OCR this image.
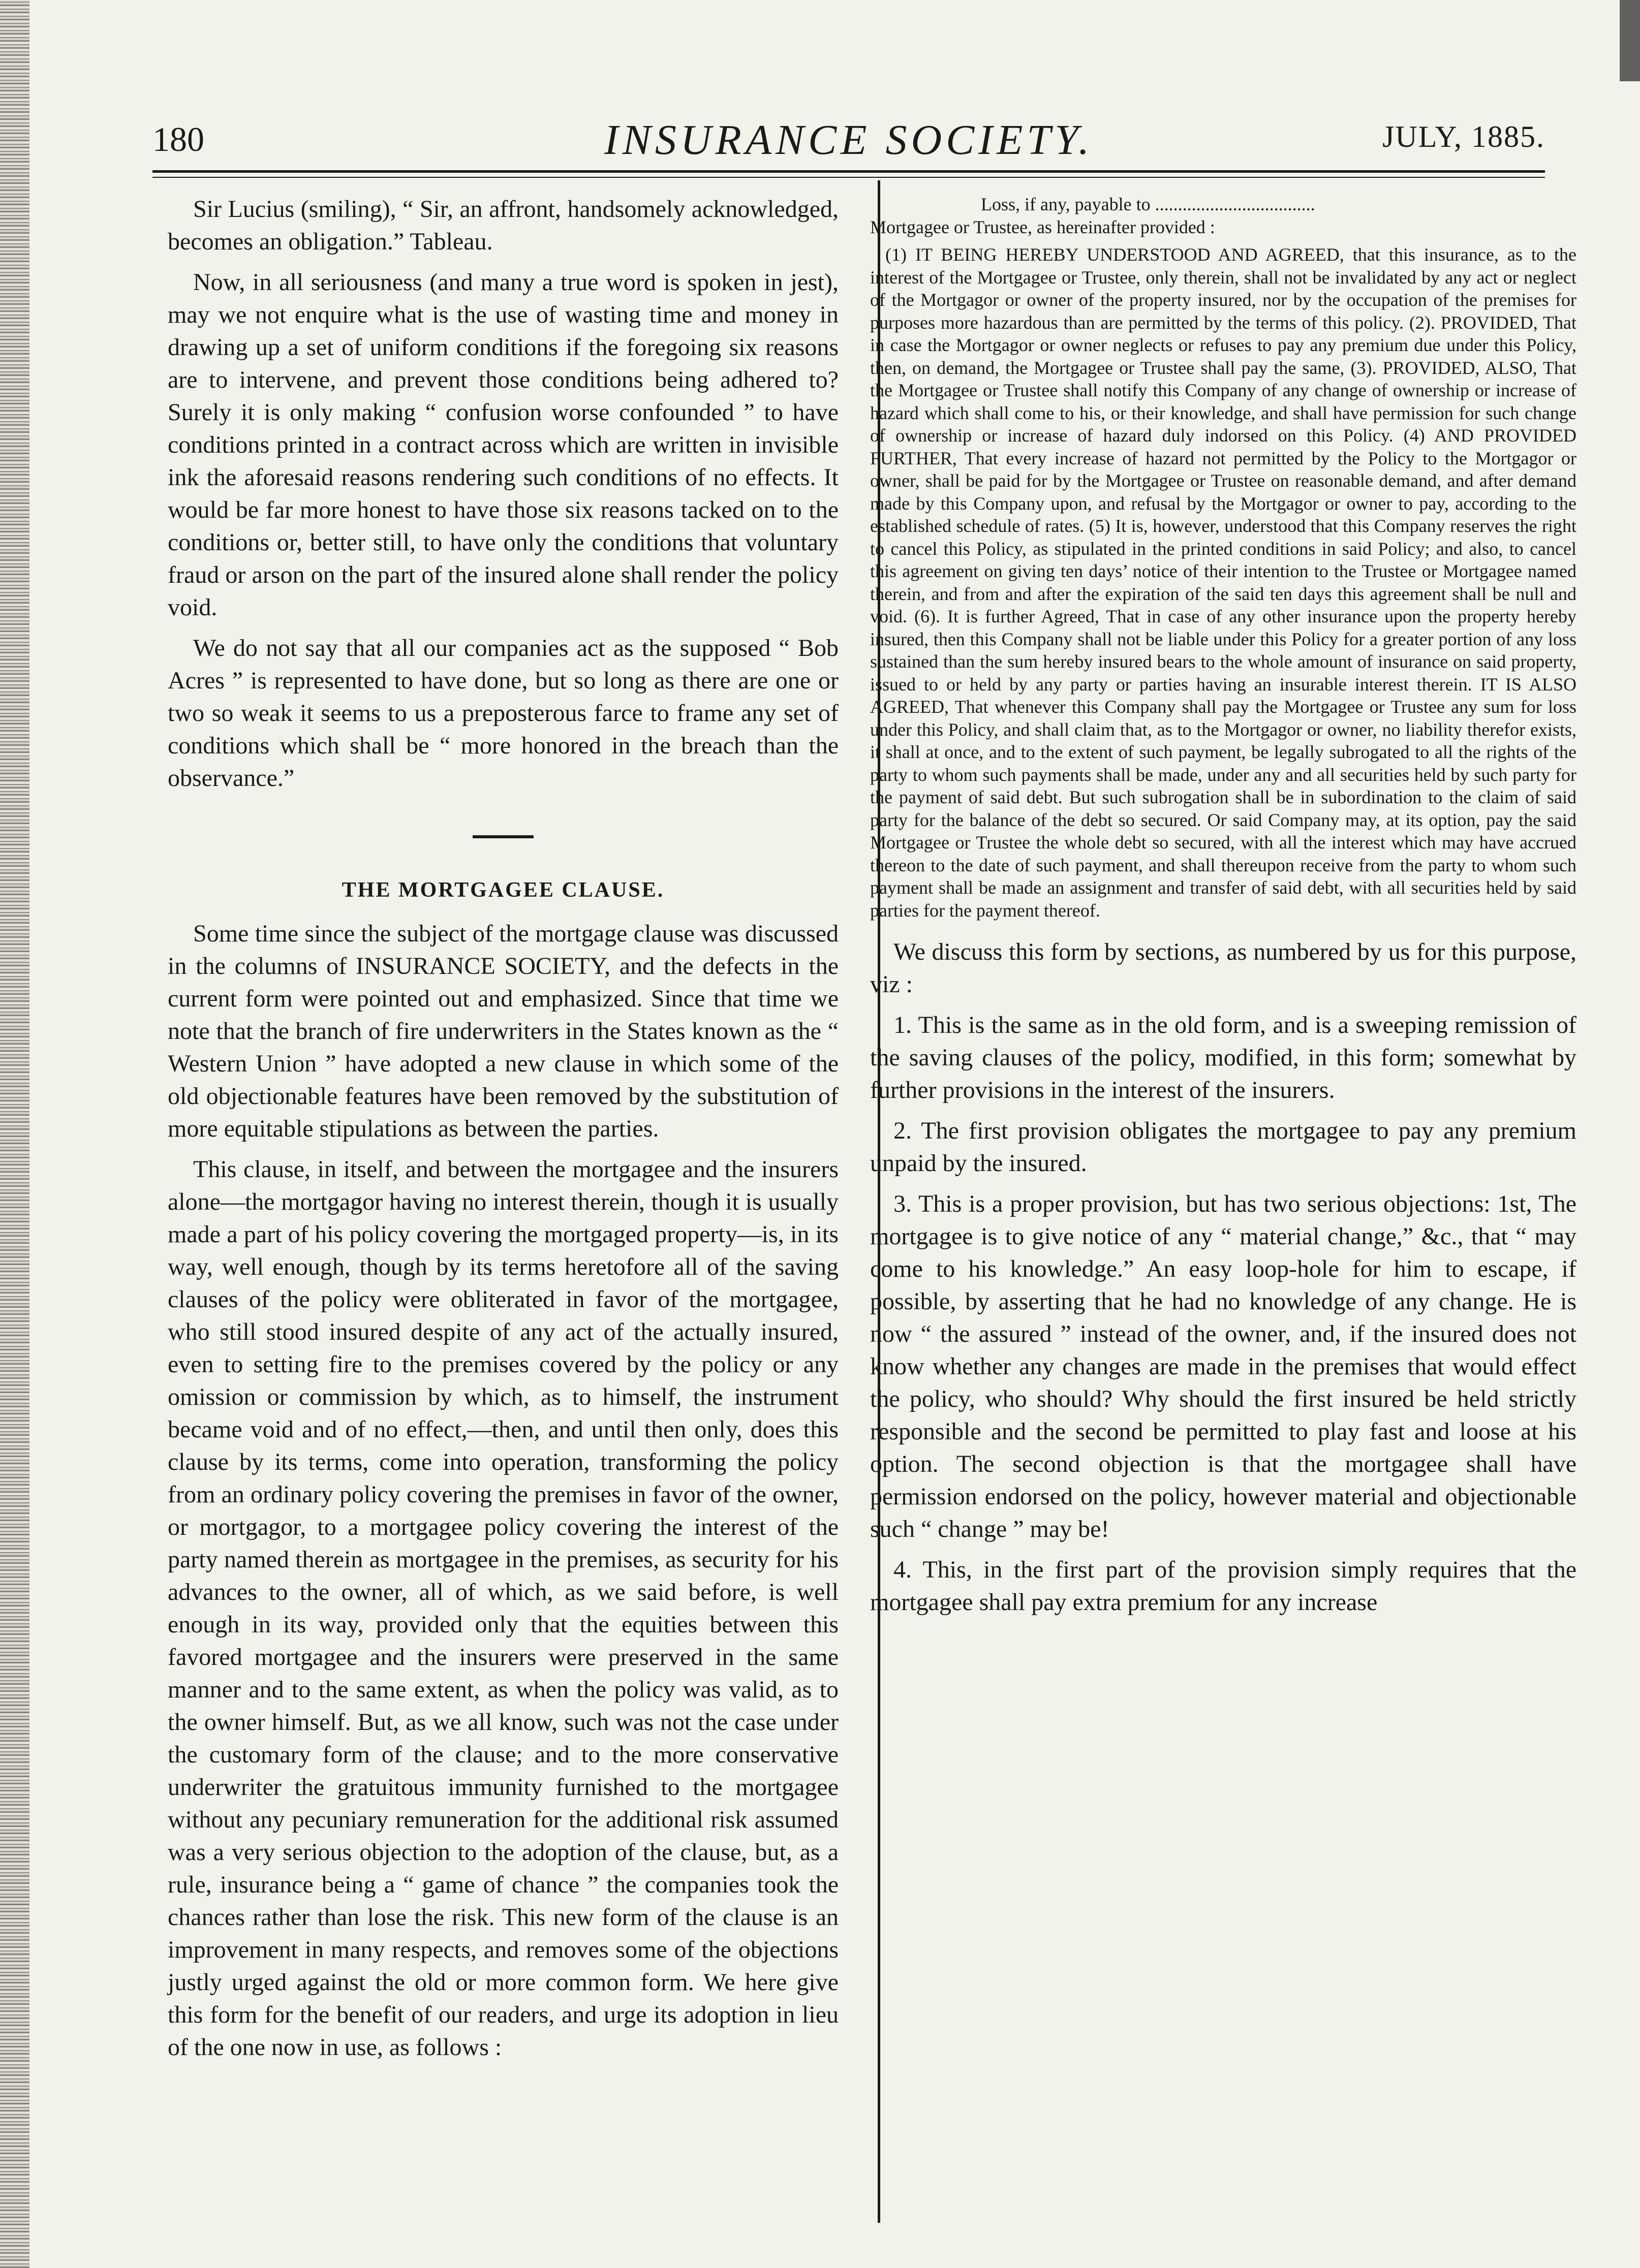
180	INSURANCE SOCIETY.	JULY, 1885.

Sir Lucius (smiling), “ Sir, an affront, handsomely acknowledged, becomes an obligation.” Tableau.

Now, in all seriousness (and many a true word is spoken in jest), may we not enquire what is the use of wasting time and money in drawing up a set of uniform conditions if the foregoing six reasons are to intervene, and prevent those conditions being adhered to? Surely it is only making “ confusion worse confounded ” to have conditions printed in a contract across which are written in invisible ink the aforesaid reasons rendering such conditions of no effects. It would be far more honest to have those six reasons tacked on to the conditions or, better still, to have only the conditions that voluntary fraud or arson on the part of the insured alone shall render the policy void.

We do not say that all our companies act as the supposed “ Bob Acres ” is represented to have done, but so long as there are one or two so weak it seems to us a preposterous farce to frame any set of conditions which shall be “ more honored in the breach than the observance.”

THE MORTGAGEE CLAUSE.

Some time since the subject of the mortgage clause was discussed in the columns of INSURANCE SOCIETY, and the defects in the current form were pointed out and emphasized. Since that time we note that the branch of fire underwriters in the States known as the “ Western Union ” have adopted a new clause in which some of the old objectionable features have been removed by the substitution of more equitable stipulations as between the parties.

This clause, in itself, and between the mortgagee and the insurers alone—the mortgagor having no interest therein, though it is usually made a part of his policy covering the mortgaged property—is, in its way, well enough, though by its terms heretofore all of the saving clauses of the policy were obliterated in favor of the mortgagee, who still stood insured despite of any act of the actually insured, even to setting fire to the premises covered by the policy or any omission or commission by which, as to himself, the instrument became void and of no effect,—then, and until then only, does this clause by its terms, come into operation, transforming the policy from an ordinary policy covering the premises in favor of the owner, or mortgagor, to a mortgagee policy covering the interest of the party named therein as mortgagee in the premises, as security for his advances to the owner, all of which, as we said before, is well enough in its way, provided only that the equities between this favored mortgagee and the insurers were preserved in the same manner and to the same extent, as when the policy was valid, as to the owner himself. But, as we all know, such was not the case under the customary form of the clause; and to the more conservative underwriter the gratuitous immunity furnished to the mortgagee without any pecuniary remuneration for the additional risk assumed was a very serious objection to the adoption of the clause, but, as a rule, insurance being a “ game of chance ” the companies took the chances rather than lose the risk. This new form of the clause is an improvement in many respects, and removes some of the objections justly urged against the old or more common form. We here give this form for the benefit of our readers, and urge its adoption in lieu of the one now in use, as follows :

Loss, if any, payable to ...................................

Mortgagee or Trustee, as hereinafter provided :

(1) IT BEING HEREBY UNDERSTOOD AND AGREED, that this insurance, as to the interest of the Mortgagee or Trustee, only therein, shall not be invalidated by any act or neglect of the Mortgagor or owner of the property insured, nor by the occupation of the premises for purposes more hazardous than are permitted by the terms of this policy. (2). PROVIDED, That in case the Mortgagor or owner neglects or refuses to pay any premium due under this Policy, then, on demand, the Mortgagee or Trustee shall pay the same, (3). PROVIDED, ALSO, That the Mortgagee or Trustee shall notify this Company of any change of ownership or increase of hazard which shall come to his, or their knowledge, and shall have permission for such change of ownership or increase of hazard duly indorsed on this Policy. (4) AND PROVIDED FURTHER, That every increase of hazard not permitted by the Policy to the Mortgagor or owner, shall be paid for by the Mortgagee or Trustee on reasonable demand, and after demand made by this Company upon, and refusal by the Mortgagor or owner to pay, according to the established schedule of rates. (5) It is, however, understood that this Company reserves the right to cancel this Policy, as stipulated in the printed conditions in said Policy; and also, to cancel this agreement on giving ten days’ notice of their intention to the Trustee or Mortgagee named therein, and from and after the expiration of the said ten days this agreement shall be null and void. (6). It is further Agreed, That in case of any other insurance upon the property hereby insured, then this Company shall not be liable under this Policy for a greater portion of any loss sustained than the sum hereby insured bears to the whole amount of insurance on said property, issued to or held by any party or parties having an insurable interest therein. IT IS ALSO AGREED, That whenever this Company shall pay the Mortgagee or Trustee any sum for loss under this Policy, and shall claim that, as to the Mortgagor or owner, no liability therefor exists, it shall at once, and to the extent of such payment, be legally subrogated to all the rights of the party to whom such payments shall be made, under any and all securities held by such party for the payment of said debt. But such subrogation shall be in subordination to the claim of said party for the balance of the debt so secured. Or said Company may, at its option, pay the said Mortgagee or Trustee the whole debt so secured, with all the interest which may have accrued thereon to the date of such payment, and shall thereupon receive from the party to whom such payment shall be made an assignment and transfer of said debt, with all securities held by said parties for the payment thereof.

We discuss this form by sections, as numbered by us for this purpose, viz :

1. This is the same as in the old form, and is a sweeping remission of the saving clauses of the policy, modified, in this form; somewhat by further provisions in the interest of the insurers.

2. The first provision obligates the mortgagee to pay any premium unpaid by the insured.

3. This is a proper provision, but has two serious objections: 1st, The mortgagee is to give notice of any “ material change,” &c., that “ may come to his knowledge.” An easy loop-hole for him to escape, if possible, by asserting that he had no knowledge of any change. He is now “ the assured ” instead of the owner, and, if the insured does not know whether any changes are made in the premises that would effect the policy, who should? Why should the first insured be held strictly responsible and the second be permitted to play fast and loose at his option. The second objection is that the mortgagee shall have permission endorsed on the policy, however material and objectionable such “ change ” may be!

4. This, in the first part of the provision simply requires that the mortgagee shall pay extra premium for any increase
